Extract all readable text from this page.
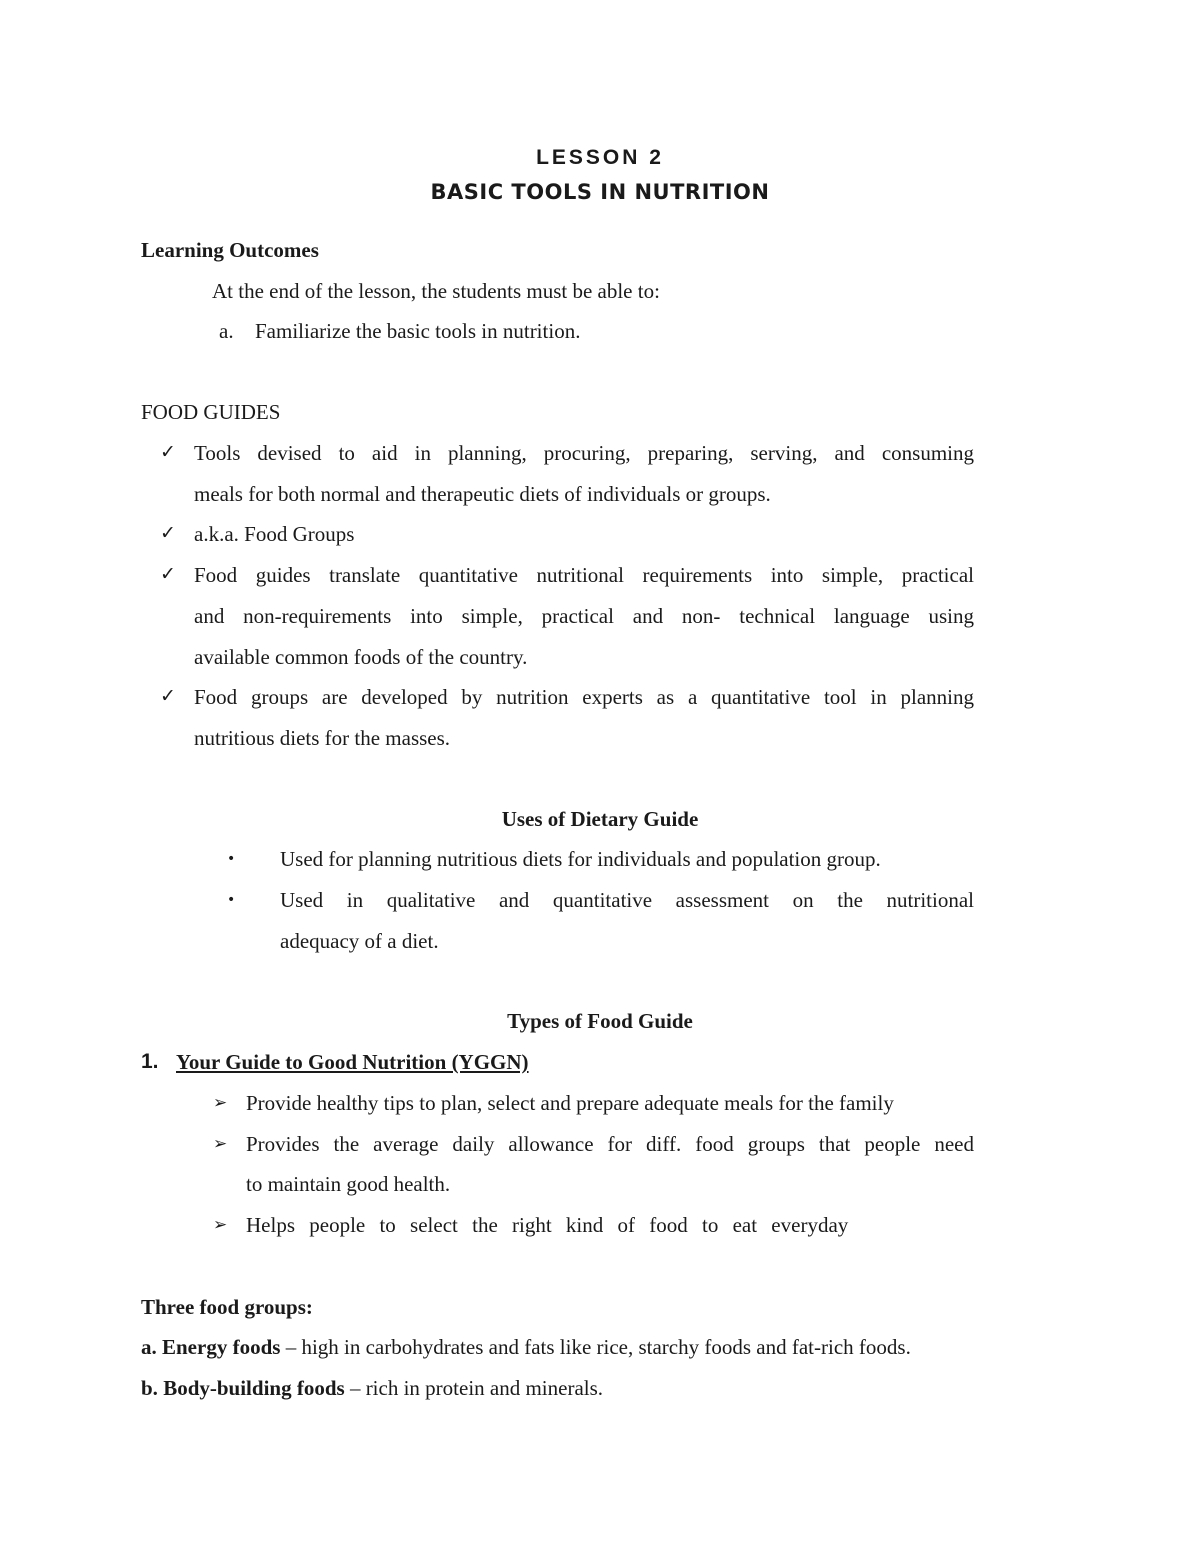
LESSON 2
BASIC TOOLS IN NUTRITION
Learning Outcomes
At the end of the lesson, the students must be able to:
a. Familiarize the basic tools in nutrition.
FOOD GUIDES
✓ Tools devised to aid in planning, procuring, preparing, serving, and consuming
meals for both normal and therapeutic diets of individuals or groups.
✓ a.k.a. Food Groups
✓ Food guides translate quantitative nutritional requirements into simple, practical
and non-requirements into simple, practical and non- technical language using
available common foods of the country.
✓ Food groups are developed by nutrition experts as a quantitative tool in planning
nutritious diets for the masses.
Uses of Dietary Guide
• Used for planning nutritious diets for individuals and population group.
• Used in qualitative and quantitative assessment on the nutritional
adequacy of a diet.
Types of Food Guide
1. Your Guide to Good Nutrition (YGGN)
➢ Provide healthy tips to plan, select and prepare adequate meals for the family
➢ Provides the average daily allowance for diff. food groups that people need
to maintain good health.
➢ Helps people to select the right kind of food to eat everyday
Three food groups:
a. Energy foods – high in carbohydrates and fats like rice, starchy foods and fat-rich foods.
b. Body-building foods – rich in protein and minerals.
